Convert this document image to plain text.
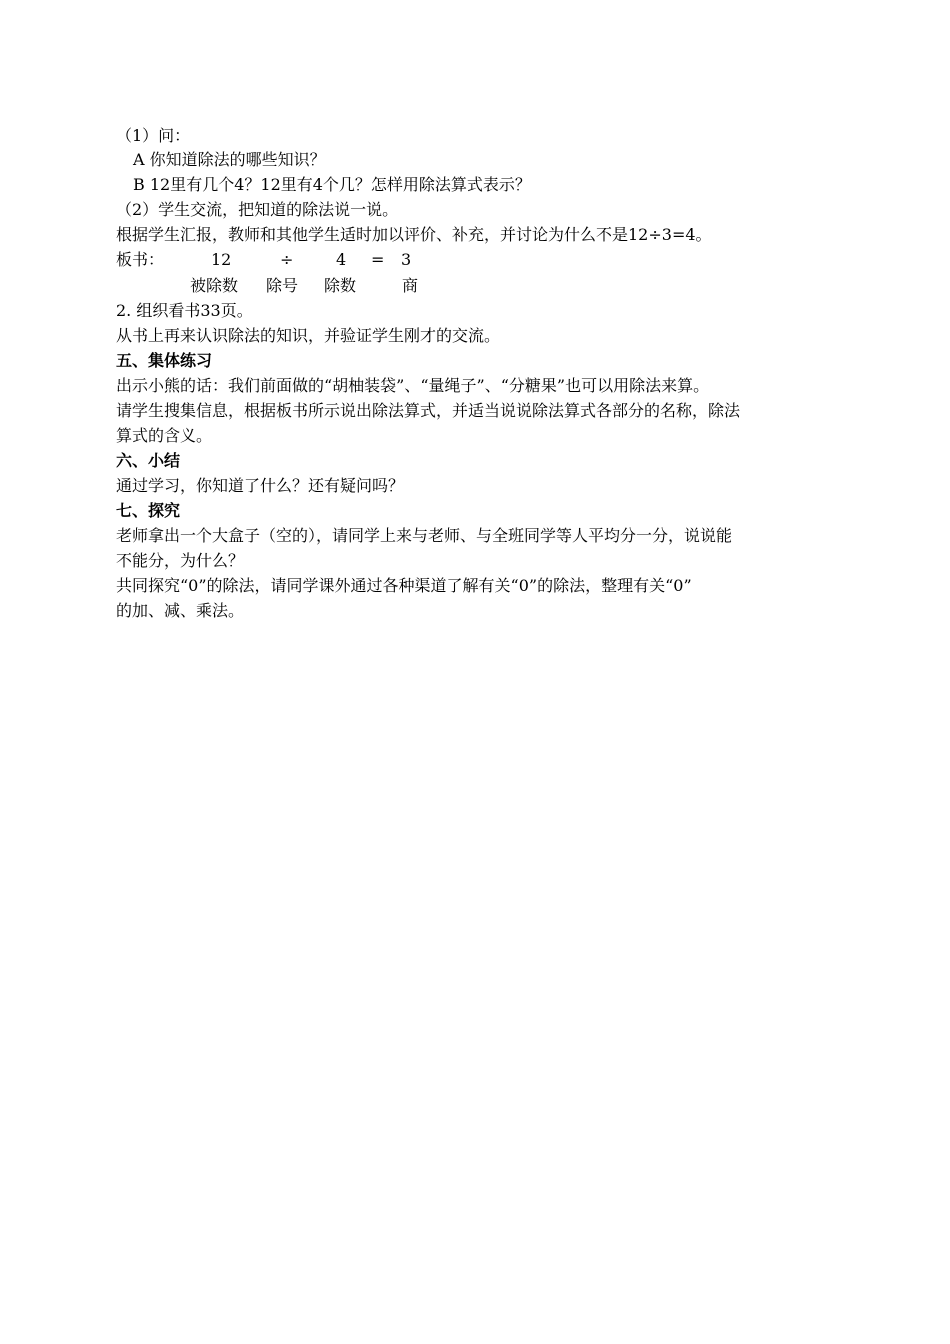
（1）问：
A 你知道除法的哪些知识？
B 12里有几个4？12里有4个几？怎样用除法算式表示？
（2）学生交流，把知道的除法说一说。
根据学生汇报，教师和其他学生适时加以评价、补充，并讨论为什么不是12÷3=4。
板书：	12	÷	4 = 3
被除数 除号 除数	商
2. 组织看书33页。
从书上再来认识除法的知识，并验证学生刚才的交流。
五、集体练习
出示小熊的话：我们前面做的“胡柚装袋”、“量绳子”、“分糖果”也可以用除法来算。
请学生搜集信息，根据板书所示说出除法算式，并适当说说除法算式各部分的名称，除法
算式的含义。
六、小结
通过学习，你知道了什么？还有疑问吗？
七、探究
老师拿出一个大盒子（空的），请同学上来与老师、与全班同学等人平均分一分，说说能
不能分，为什么？
共同探究“0”的除法，请同学课外通过各种渠道了解有关“0”的除法，整理有关“0”
的加、减、乘法。
